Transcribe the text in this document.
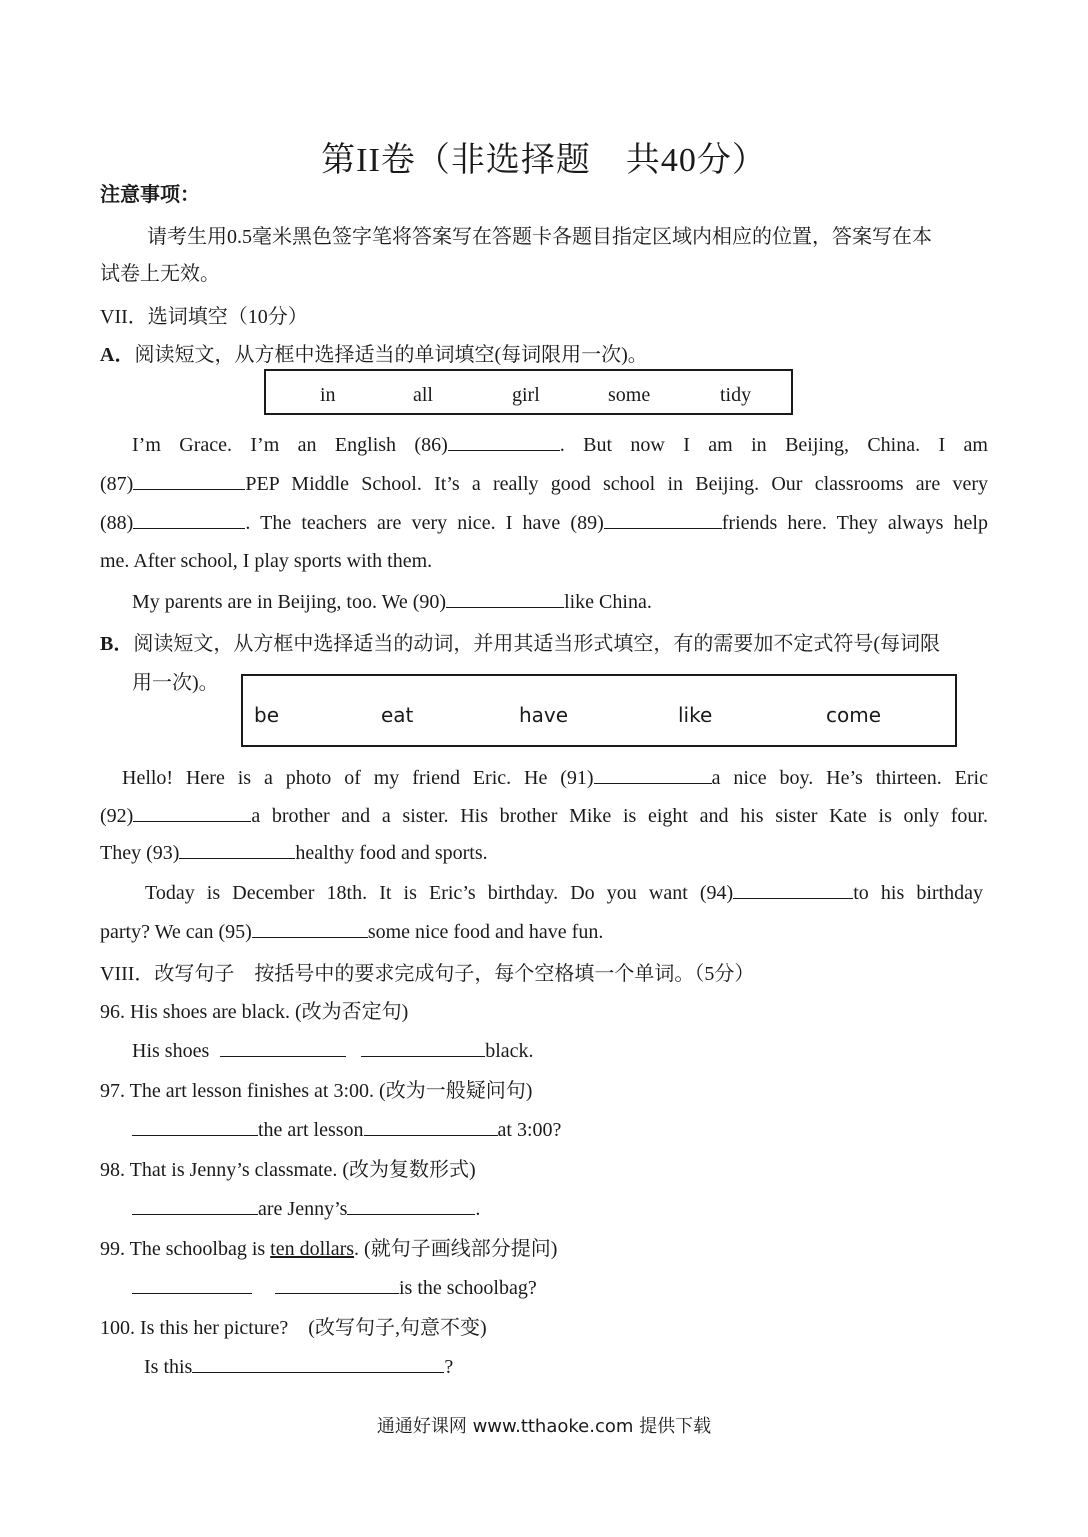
第II卷（非选择题　共40分）
注意事项：
请考生用0.5毫米黑色签字笔将答案写在答题卡各题目指定区域内相应的位置，答案写在本
试卷上无效。
VII．选词填空（10分）
A．阅读短文，从方框中选择适当的单词填空(每词限用一次)。
in	all	girl	some	tidy
I’m Grace. I’m an English (86)	. But now I am in Beijing, China. I am
(87)	PEP Middle School. It’s a really good school in Beijing. Our classrooms are very
(88)	. The teachers are very nice. I have (89)	friends here. They always help
me. After school, I play sports with them.
My parents are in Beijing, too. We (90)	like China.
B．阅读短文，从方框中选择适当的动词，并用其适当形式填空，有的需要加不定式符号(每词限
用一次)。
be	eat	have	like	come
Hello! Here is a photo of my friend Eric. He (91)	a nice boy. He’s thirteen. Eric
(92)	a brother and a sister. His brother Mike is eight and his sister Kate is only four.
They (93)	healthy food and sports.
Today is December 18th. It is Eric’s birthday. Do you want (94)	to his birthday
party? We can (95)	some nice food and have fun.
VIII．改写句子　按括号中的要求完成句子，每个空格填一个单词。（5分）
96. His shoes are black. (改为否定句)
His shoes	black.
97. The art lesson finishes at 3:00. (改为一般疑问句)
the art lesson	at 3:00?
98. That is Jenny’s classmate. (改为复数形式)
are Jenny’s	.
99. The schoolbag is ten dollars. (就句子画线部分提问)
is the schoolbag?
100. Is this her picture?　(改写句子,句意不变)
Is this	?
通通好课网 www.tthaoke.com 提供下载
